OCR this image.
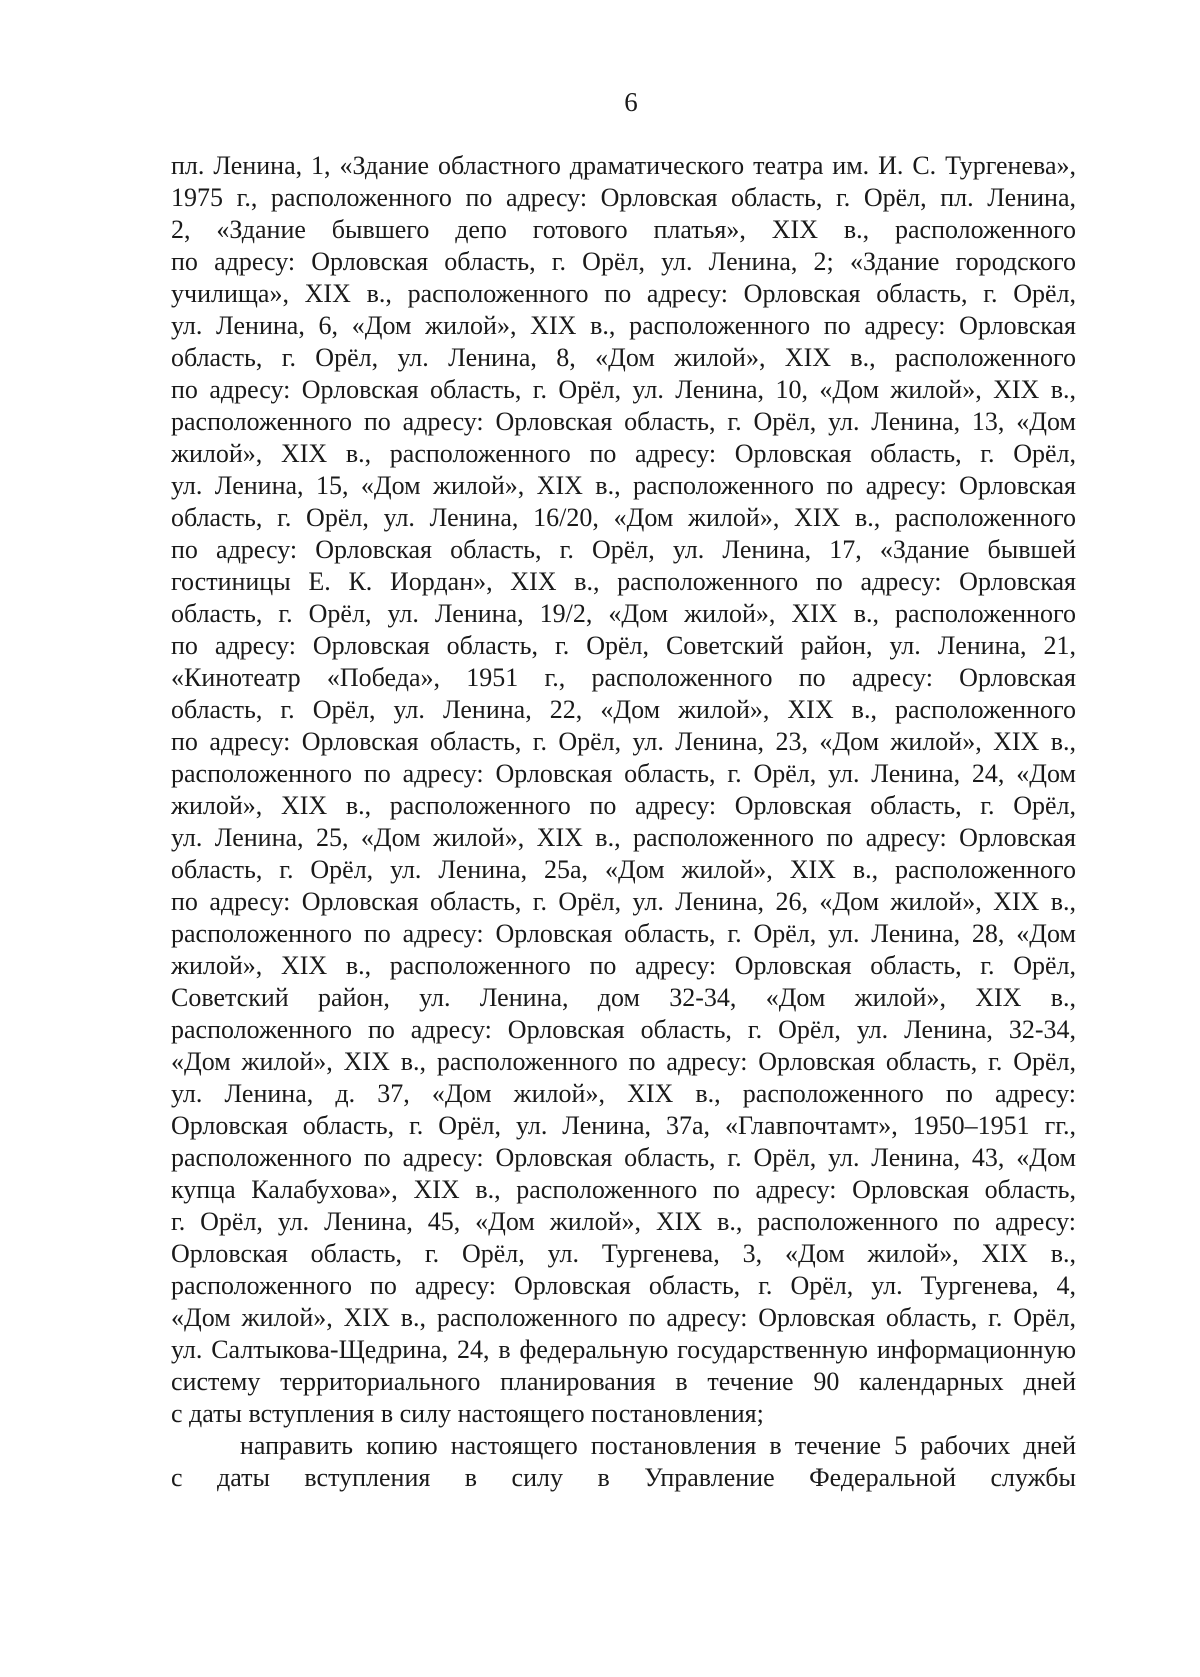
6
пл. Ленина, 1, «Здание областного драматического театра им. И. С. Тургенева»,
1975 г., расположенного по адресу: Орловская область, г. Орёл, пл. Ленина,
2, «Здание бывшего депо готового платья», XIX в., расположенного
по адресу: Орловская область, г. Орёл, ул. Ленина, 2; «Здание городского
училища», XIX в., расположенного по адресу: Орловская область, г. Орёл,
ул. Ленина, 6, «Дом жилой», XIX в., расположенного по адресу: Орловская
область, г. Орёл, ул. Ленина, 8, «Дом жилой», XIX в., расположенного
по адресу: Орловская область, г. Орёл, ул. Ленина, 10, «Дом жилой», XIX в.,
расположенного по адресу: Орловская область, г. Орёл, ул. Ленина, 13, «Дом
жилой», XIX в., расположенного по адресу: Орловская область, г. Орёл,
ул. Ленина, 15, «Дом жилой», XIX в., расположенного по адресу: Орловская
область, г. Орёл, ул. Ленина, 16/20, «Дом жилой», XIX в., расположенного
по адресу: Орловская область, г. Орёл, ул. Ленина, 17, «Здание бывшей
гостиницы Е. К. Иордан», XIX в., расположенного по адресу: Орловская
область, г. Орёл, ул. Ленина, 19/2, «Дом жилой», XIX в., расположенного
по адресу: Орловская область, г. Орёл, Советский район, ул. Ленина, 21,
«Кинотеатр «Победа», 1951 г., расположенного по адресу: Орловская
область, г. Орёл, ул. Ленина, 22, «Дом жилой», XIX в., расположенного
по адресу: Орловская область, г. Орёл, ул. Ленина, 23, «Дом жилой», XIX в.,
расположенного по адресу: Орловская область, г. Орёл, ул. Ленина, 24, «Дом
жилой», XIX в., расположенного по адресу: Орловская область, г. Орёл,
ул. Ленина, 25, «Дом жилой», XIX в., расположенного по адресу: Орловская
область, г. Орёл, ул. Ленина, 25а, «Дом жилой», XIX в., расположенного
по адресу: Орловская область, г. Орёл, ул. Ленина, 26, «Дом жилой», XIX в.,
расположенного по адресу: Орловская область, г. Орёл, ул. Ленина, 28, «Дом
жилой», XIX в., расположенного по адресу: Орловская область, г. Орёл,
Советский район, ул. Ленина, дом 32-34, «Дом жилой», XIX в.,
расположенного по адресу: Орловская область, г. Орёл, ул. Ленина, 32-34,
«Дом жилой», XIX в., расположенного по адресу: Орловская область, г. Орёл,
ул. Ленина, д. 37, «Дом жилой», XIX в., расположенного по адресу:
Орловская область, г. Орёл, ул. Ленина, 37а, «Главпочтамт», 1950–1951 гг.,
расположенного по адресу: Орловская область, г. Орёл, ул. Ленина, 43, «Дом
купца Калабухова», XIX в., расположенного по адресу: Орловская область,
г. Орёл, ул. Ленина, 45, «Дом жилой», XIX в., расположенного по адресу:
Орловская область, г. Орёл, ул. Тургенева, 3, «Дом жилой», XIX в.,
расположенного по адресу: Орловская область, г. Орёл, ул. Тургенева, 4,
«Дом жилой», XIX в., расположенного по адресу: Орловская область, г. Орёл,
ул. Салтыкова-Щедрина, 24, в федеральную государственную информационную
систему территориального планирования в течение 90 календарных дней
с даты вступления в силу настоящего постановления;
направить копию настоящего постановления в течение 5 рабочих дней
с даты вступления в силу в Управление Федеральной службы
